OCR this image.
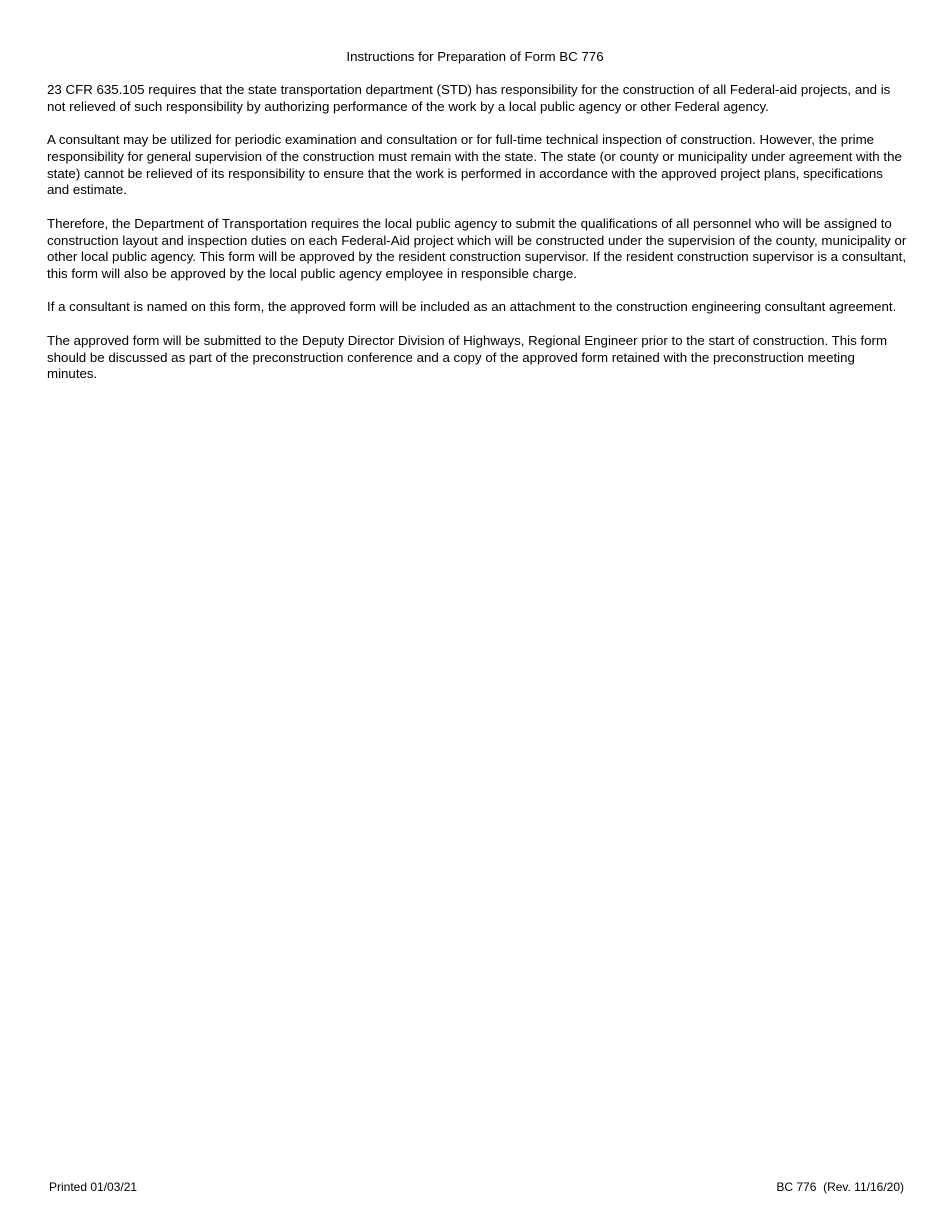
Instructions for Preparation of Form BC 776

23 CFR 635.105 requires that the state transportation department (STD) has responsibility for the construction of all Federal-aid projects, and is not relieved of such responsibility by authorizing performance of the work by a local public agency or other Federal agency.

A consultant may be utilized for periodic examination and consultation or for full-time technical inspection of construction. However, the prime responsibility for general supervision of the construction must remain with the state. The state (or county or municipality under agreement with the state) cannot be relieved of its responsibility to ensure that the work is performed in accordance with the approved project plans, specifications and estimate.

Therefore, the Department of Transportation requires the local public agency to submit the qualifications of all personnel who will be assigned to construction layout and inspection duties on each Federal-Aid project which will be constructed under the supervision of the county, municipality or other local public agency. This form will be approved by the resident construction supervisor. If the resident construction supervisor is a consultant, this form will also be approved by the local public agency employee in responsible charge.

If a consultant is named on this form, the approved form will be included as an attachment to the construction engineering consultant agreement.

The approved form will be submitted to the Deputy Director Division of Highways, Regional Engineer prior to the start of construction. This form should be discussed as part of the preconstruction conference and a copy of the approved form retained with the preconstruction meeting minutes.

Printed 01/03/21	BC 776  (Rev. 11/16/20)
